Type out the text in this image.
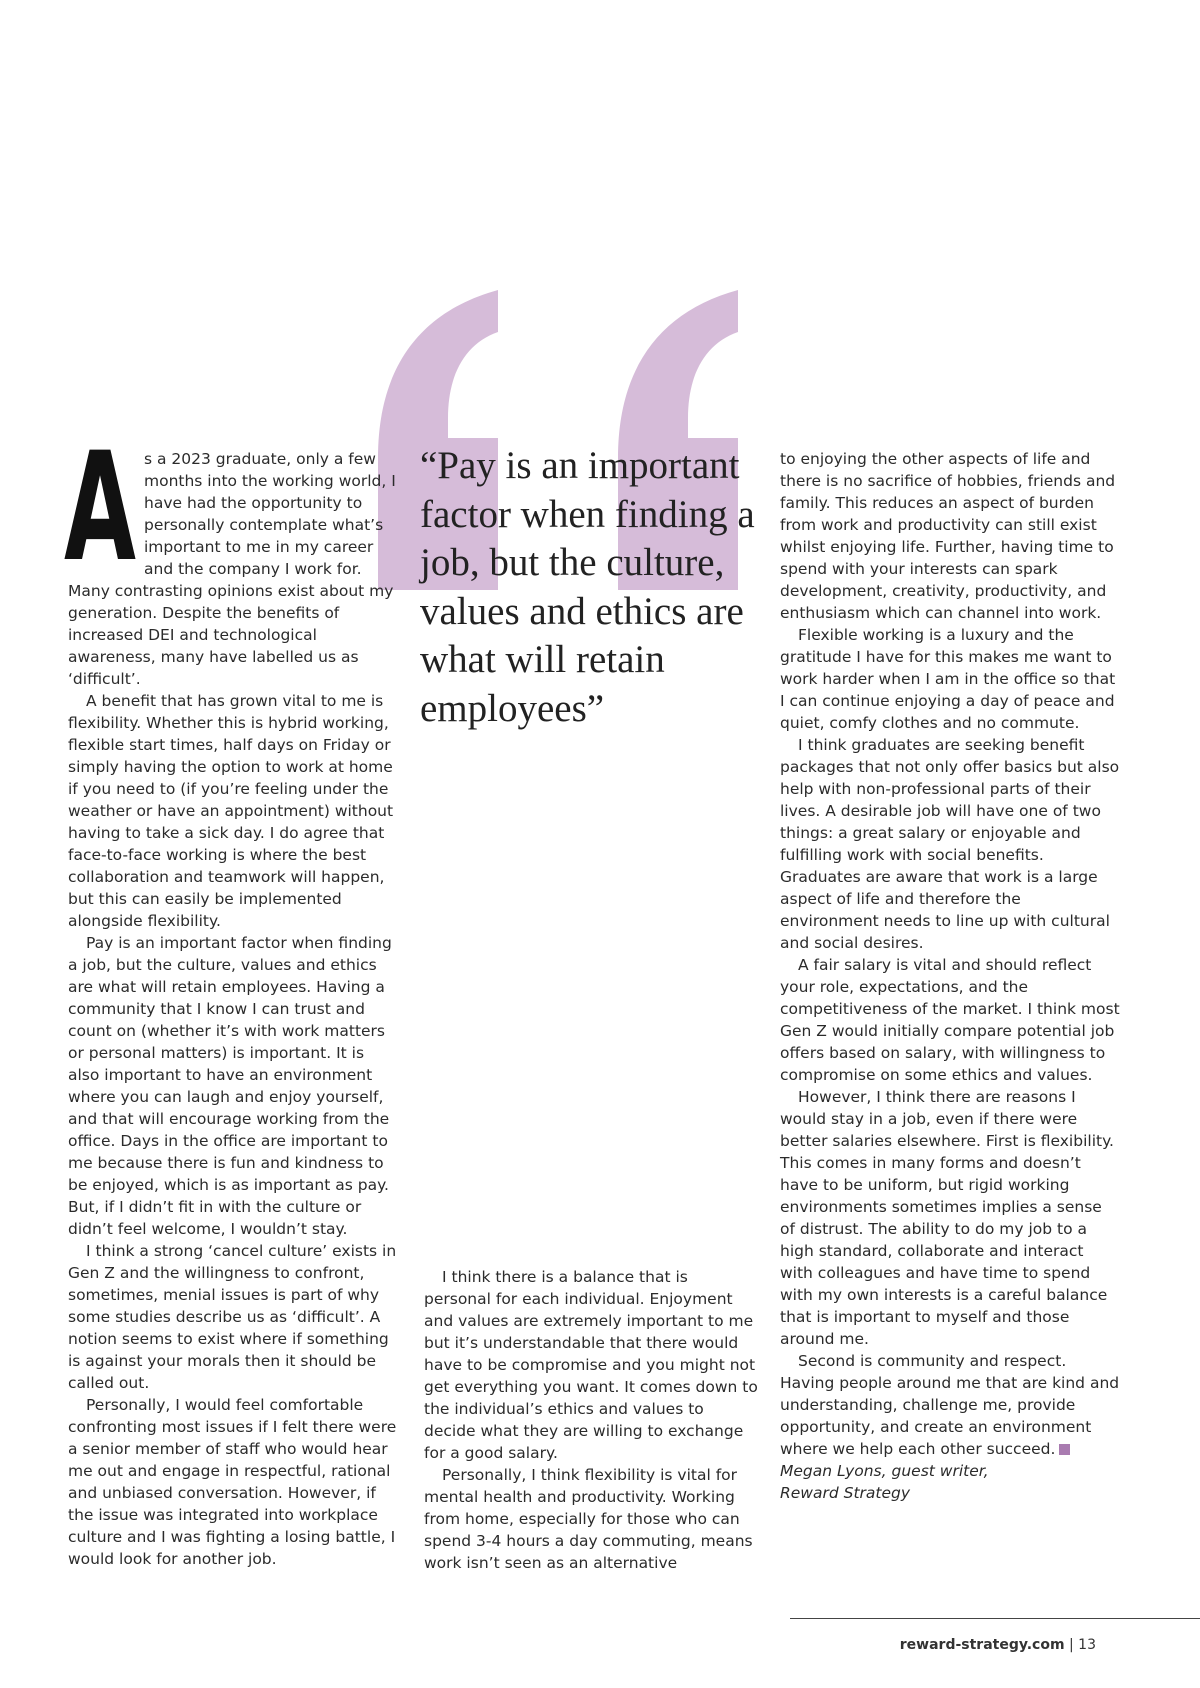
As a 2023 graduate, only a few months into the working world, I have had the opportunity to personally contemplate what’s important to me in my career and the company I work for. Many contrasting opinions exist about my generation. Despite the benefits of increased DEI and technological awareness, many have labelled us as ‘difficult’.

A benefit that has grown vital to me is flexibility. Whether this is hybrid working, flexible start times, half days on Friday or simply having the option to work at home if you need to (if you’re feeling under the weather or have an appointment) without having to take a sick day. I do agree that face-to-face working is where the best collaboration and teamwork will happen, but this can easily be implemented alongside flexibility.

Pay is an important factor when finding a job, but the culture, values and ethics are what will retain employees. Having a community that I know I can trust and count on (whether it’s with work matters or personal matters) is important. It is also important to have an environment where you can laugh and enjoy yourself, and that will encourage working from the office. Days in the office are important to me because there is fun and kindness to be enjoyed, which is as important as pay. But, if I didn’t fit in with the culture or didn’t feel welcome, I wouldn’t stay.

I think a strong ‘cancel culture’ exists in Gen Z and the willingness to confront, sometimes, menial issues is part of why some studies describe us as ‘difficult’. A notion seems to exist where if something is against your morals then it should be called out.

Personally, I would feel comfortable confronting most issues if I felt there were a senior member of staff who would hear me out and engage in respectful, rational and unbiased conversation. However, if the issue was integrated into workplace culture and I was fighting a losing battle, I would look for another job.

“Pay is an important factor when finding a job, but the culture, values and ethics are what will retain employees”

I think there is a balance that is personal for each individual. Enjoyment and values are extremely important to me but it’s understandable that there would have to be compromise and you might not get everything you want. It comes down to the individual’s ethics and values to decide what they are willing to exchange for a good salary.

Personally, I think flexibility is vital for mental health and productivity. Working from home, especially for those who can spend 3-4 hours a day commuting, means work isn’t seen as an alternative

to enjoying the other aspects of life and there is no sacrifice of hobbies, friends and family. This reduces an aspect of burden from work and productivity can still exist whilst enjoying life. Further, having time to spend with your interests can spark development, creativity, productivity, and enthusiasm which can channel into work.

Flexible working is a luxury and the gratitude I have for this makes me want to work harder when I am in the office so that I can continue enjoying a day of peace and quiet, comfy clothes and no commute.

I think graduates are seeking benefit packages that not only offer basics but also help with non-professional parts of their lives. A desirable job will have one of two things: a great salary or enjoyable and fulfilling work with social benefits. Graduates are aware that work is a large aspect of life and therefore the environment needs to line up with cultural and social desires.

A fair salary is vital and should reflect your role, expectations, and the competitiveness of the market. I think most Gen Z would initially compare potential job offers based on salary, with willingness to compromise on some ethics and values.

However, I think there are reasons I would stay in a job, even if there were better salaries elsewhere. First is flexibility. This comes in many forms and doesn’t have to be uniform, but rigid working environments sometimes implies a sense of distrust. The ability to do my job to a high standard, collaborate and interact with colleagues and have time to spend with my own interests is a careful balance that is important to myself and those around me.

Second is community and respect. Having people around me that are kind and understanding, challenge me, provide opportunity, and create an environment where we help each other succeed.

Megan Lyons, guest writer,

Reward Strategy

reward-strategy.com | 13
